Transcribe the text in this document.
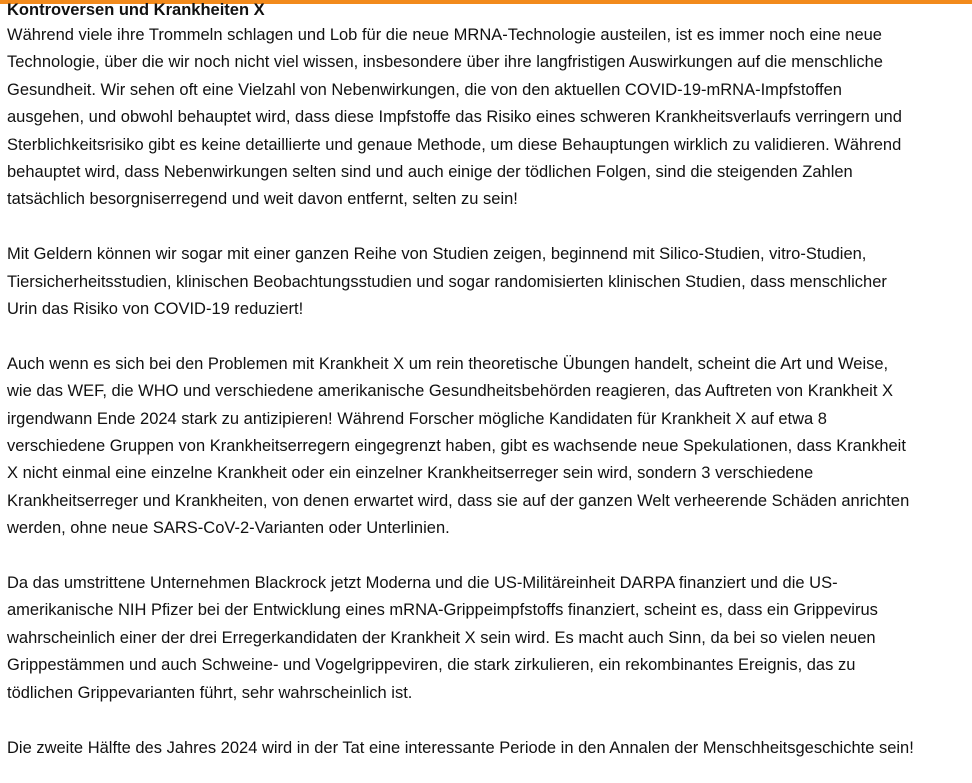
Kontroversen und Krankheiten X

Während viele ihre Trommeln schlagen und Lob für die neue MRNA-Technologie austeilen, ist es immer noch eine neue
Technologie, über die wir noch nicht viel wissen, insbesondere über ihre langfristigen Auswirkungen auf die menschliche
Gesundheit. Wir sehen oft eine Vielzahl von Nebenwirkungen, die von den aktuellen COVID-19-mRNA-Impfstoffen
ausgehen, und obwohl behauptet wird, dass diese Impfstoffe das Risiko eines schweren Krankheitsverlaufs verringern und
Sterblichkeitsrisiko gibt es keine detaillierte und genaue Methode, um diese Behauptungen wirklich zu validieren. Während
behauptet wird, dass Nebenwirkungen selten sind und auch einige der tödlichen Folgen, sind die steigenden Zahlen
tatsächlich besorgniserregend und weit davon entfernt, selten zu sein!

Mit Geldern können wir sogar mit einer ganzen Reihe von Studien zeigen, beginnend mit Silico-Studien, vitro-Studien,
Tiersicherheitsstudien, klinischen Beobachtungsstudien und sogar randomisierten klinischen Studien, dass menschlicher
Urin das Risiko von COVID-19 reduziert!

Auch wenn es sich bei den Problemen mit Krankheit X um rein theoretische Übungen handelt, scheint die Art und Weise,
wie das WEF, die WHO und verschiedene amerikanische Gesundheitsbehörden reagieren, das Auftreten von Krankheit X
irgendwann Ende 2024 stark zu antizipieren! Während Forscher mögliche Kandidaten für Krankheit X auf etwa 8
verschiedene Gruppen von Krankheitserregern eingegrenzt haben, gibt es wachsende neue Spekulationen, dass Krankheit
X nicht einmal eine einzelne Krankheit oder ein einzelner Krankheitserreger sein wird, sondern 3 verschiedene
Krankheitserreger und Krankheiten, von denen erwartet wird, dass sie auf der ganzen Welt verheerende Schäden anrichten
werden, ohne neue SARS-CoV-2-Varianten oder Unterlinien.

Da das umstrittene Unternehmen Blackrock jetzt Moderna und die US-Militäreinheit DARPA finanziert und die US-
amerikanische NIH Pfizer bei der Entwicklung eines mRNA-Grippeimpfstoffs finanziert, scheint es, dass ein Grippevirus
wahrscheinlich einer der drei Erregerkandidaten der Krankheit X sein wird. Es macht auch Sinn, da bei so vielen neuen
Grippestämmen und auch Schweine- und Vogelgrippeviren, die stark zirkulieren, ein rekombinantes Ereignis, das zu
tödlichen Grippevarianten führt, sehr wahrscheinlich ist.

Die zweite Hälfte des Jahres 2024 wird in der Tat eine interessante Periode in den Annalen der Menschheitsgeschichte sein!
